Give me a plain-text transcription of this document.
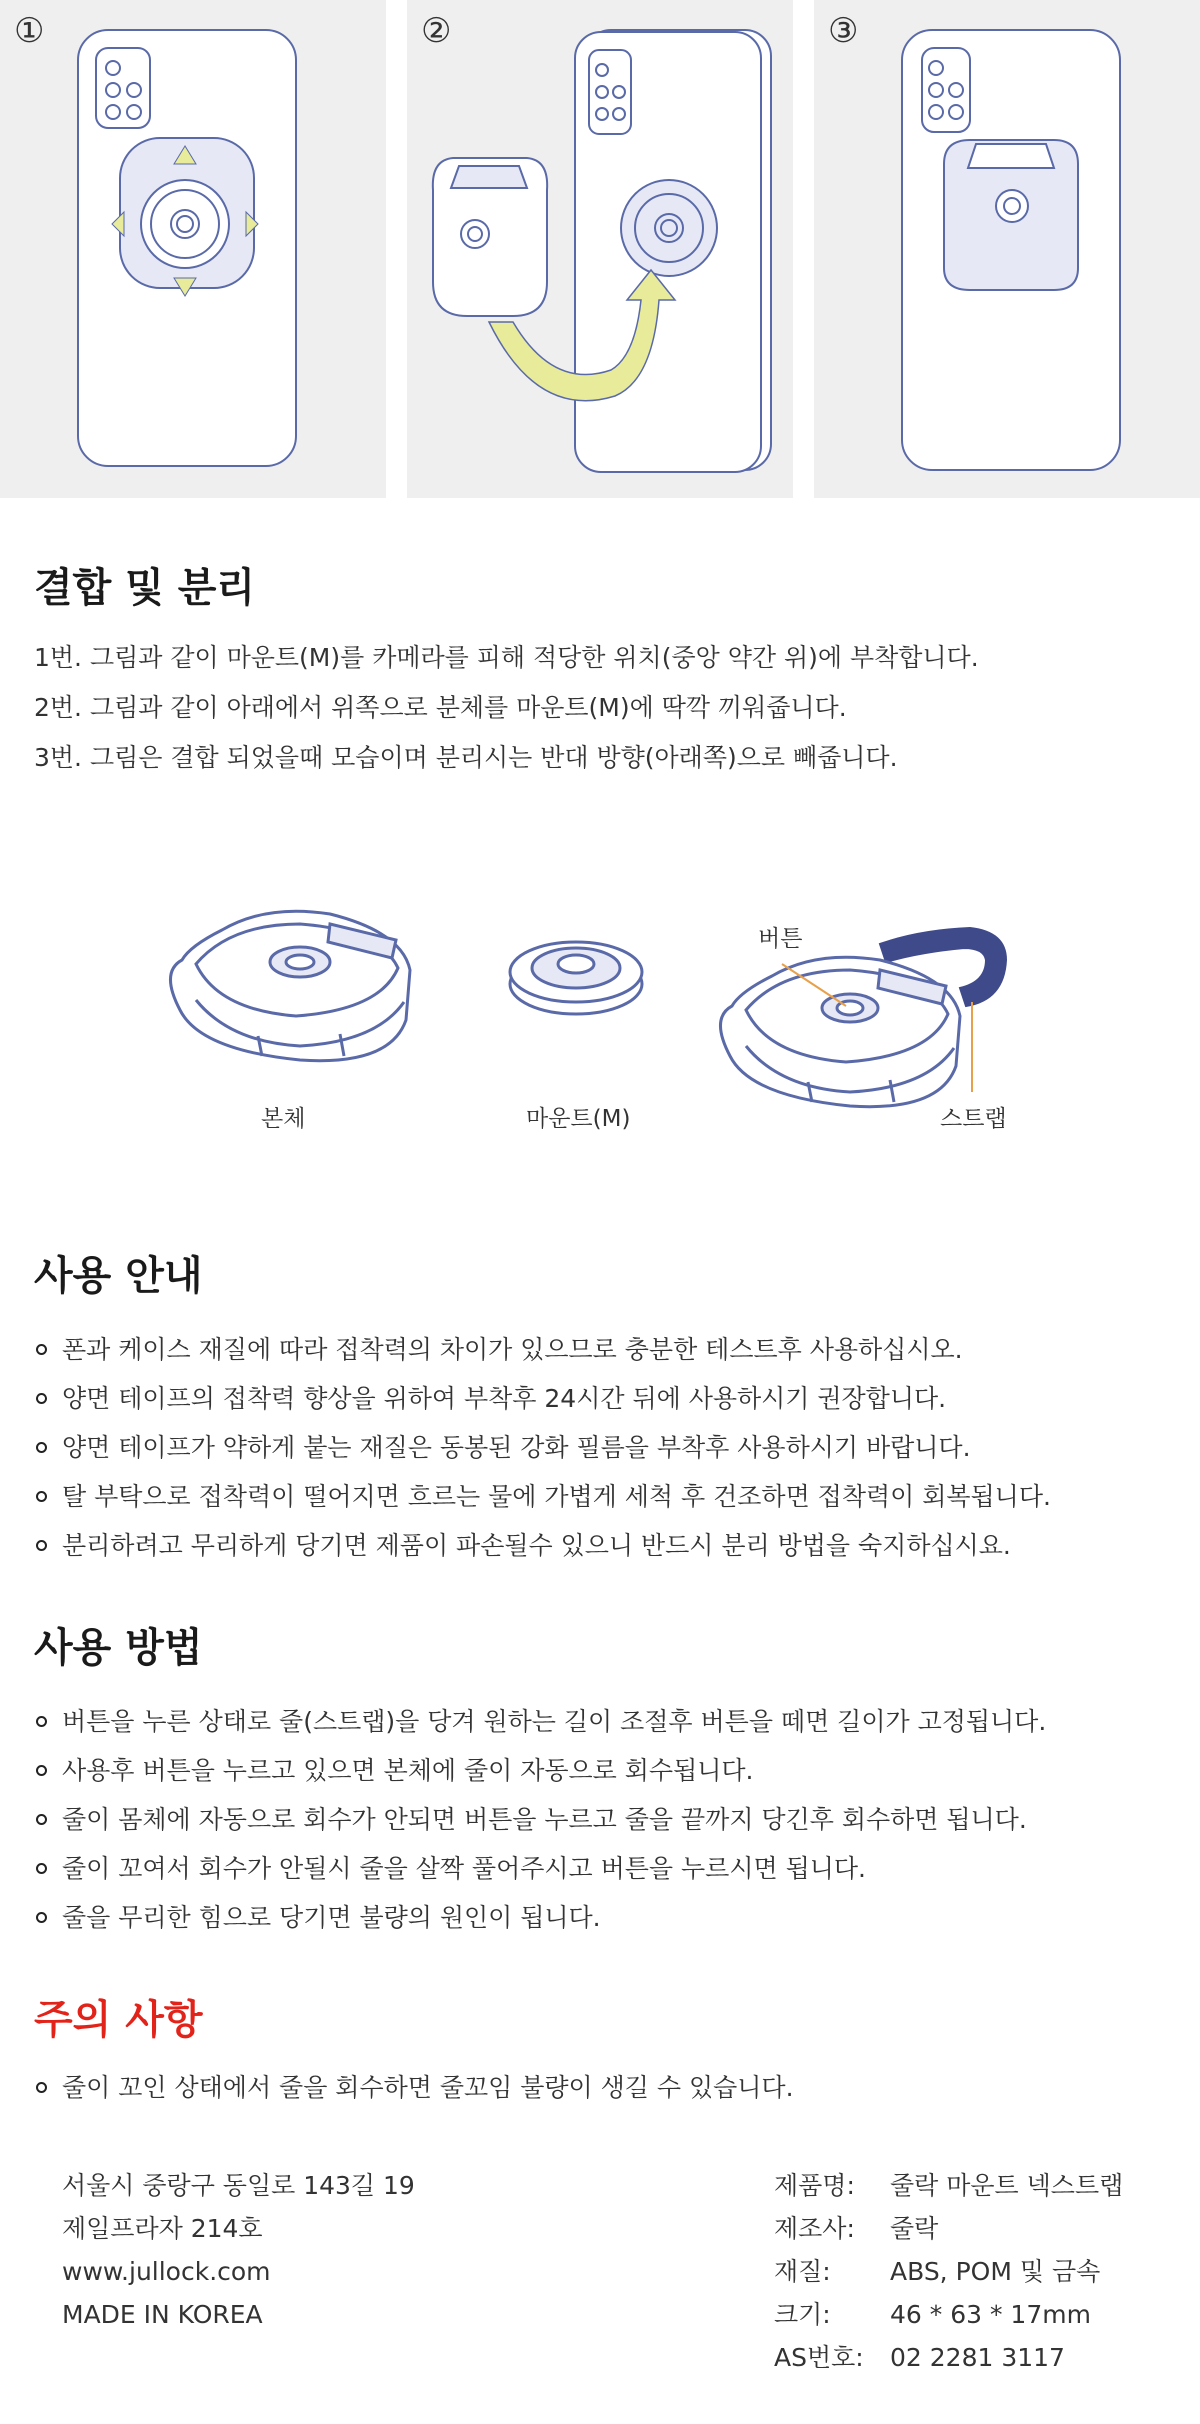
①	②	③
결합 및 분리
1번. 그림과 같이 마운트(M)를 카메라를 피해 적당한 위치(중앙 약간 위)에 부착합니다.
2번. 그림과 같이 아래에서 위쪽으로 분체를 마운트(M)에 딱깍 끼워줍니다.
3번. 그림은 결합 되었을때 모습이며 분리시는 반대 방향(아래쪽)으로 빼줍니다.
본체	마운트(M)
버튼
스트랩
사용 안내
폰과 케이스 재질에 따라 접착력의 차이가 있으므로 충분한 테스트후 사용하십시오.
양면 테이프의 접착력 향상을 위하여 부착후 24시간 뒤에 사용하시기 권장합니다.
양면 테이프가 약하게 붙는 재질은 동봉된 강화 필름을 부착후 사용하시기 바랍니다.
탈 부탁으로 접착력이 떨어지면 흐르는 물에 가볍게 세척 후 건조하면 접착력이 회복됩니다.
분리하려고 무리하게 당기면 제품이 파손될수 있으니 반드시 분리 방법을 숙지하십시요.
사용 방법
버튼을 누른 상태로 줄(스트랩)을 당겨 원하는 길이 조절후 버튼을 떼면 길이가 고정됩니다.
사용후 버튼을 누르고 있으면 본체에 줄이 자동으로 회수됩니다.
줄이 몸체에 자동으로 회수가 안되면 버튼을 누르고 줄을 끝까지 당긴후 회수하면 됩니다.
줄이 꼬여서 회수가 안될시 줄을 살짝 풀어주시고 버튼을 누르시면 됩니다.
줄을 무리한 힘으로 당기면 불량의 원인이 됩니다.
주의 사항
줄이 꼬인 상태에서 줄을 회수하면 줄꼬임 불량이 생길 수 있습니다.
서울시 중랑구 동일로 143길 19
제일프라자 214호
www.jullock.com
MADE IN KOREA
제품명:	줄락 마운트 넥스트랩
제조사:	줄락
재질:	ABS, POM 및 금속
크기:	46 * 63 * 17mm
AS번호:	02 2281 3117
